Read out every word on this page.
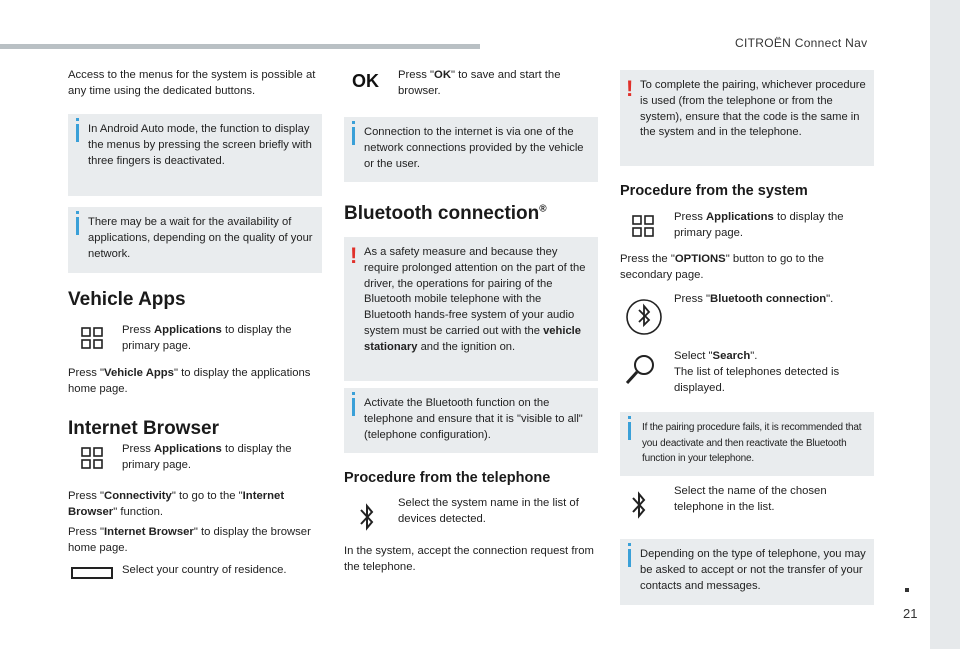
CITROËN Connect Nav
21
Access to the menus for the system is possible at any time using the dedicated buttons.
In Android Auto mode, the function to display the menus by pressing the screen briefly with three fingers is deactivated.
There may be a wait for the availability of applications, depending on the quality of your network.
Vehicle Apps
Press Applications to display the primary page.
Press "Vehicle Apps" to display the applications home page.
Internet Browser
Press Applications to display the primary page.
Press "Connectivity" to go to the "Internet Browser" function.
Press "Internet Browser" to display the browser home page.
Select your country of residence.
OK Press "OK" to save and start the browser.
Connection to the internet is via one of the network connections provided by the vehicle or the user.
Bluetooth connection®
! As a safety measure and because they require prolonged attention on the part of the driver, the operations for pairing of the Bluetooth mobile telephone with the Bluetooth hands-free system of your audio system must be carried out with the vehicle stationary and the ignition on.
Activate the Bluetooth function on the telephone and ensure that it is "visible to all" (telephone configuration).
Procedure from the telephone
Select the system name in the list of devices detected.
In the system, accept the connection request from the telephone.
! To complete the pairing, whichever procedure is used (from the telephone or from the system), ensure that the code is the same in the system and in the telephone.
Procedure from the system
Press Applications to display the primary page.
Press the "OPTIONS" button to go to the secondary page.
Press "Bluetooth connection".
Select "Search".
The list of telephones detected is displayed.
If the pairing procedure fails, it is recommended that you deactivate and then reactivate the Bluetooth function in your telephone.
Select the name of the chosen telephone in the list.
Depending on the type of telephone, you may be asked to accept or not the transfer of your contacts and messages.
